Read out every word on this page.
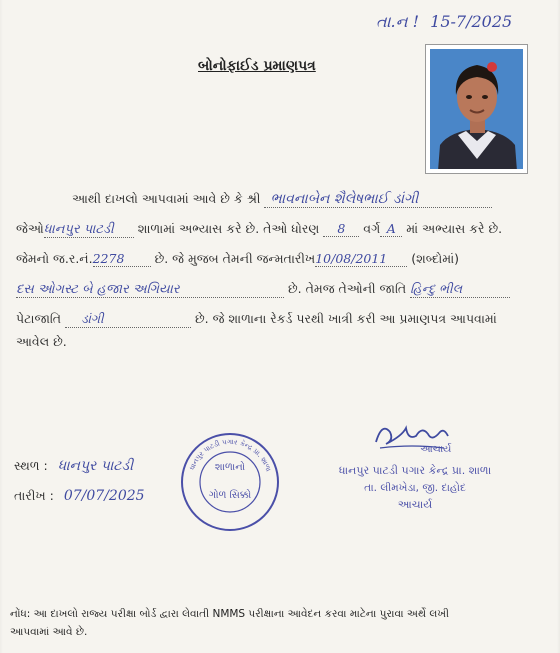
તા.ન ! 15-7/2025
બોનોફાઈડ પ્રમાણપત્ર
આથી દાખલો આપવામાં આવે છે કે શ્રી ભાવનાબેન શૈલેષભાઈ ડાંગી
જેઓધાનપુર પાટડી શાળામાં અભ્યાસ કરે છે. તેઓ ધોરણ 8 વર્ગ A માં અભ્યાસ કરે છે.
જેમનો જ.ર.નં.2278 છે. જે મુજબ તેમની જન્મતારીખ10/08/2011 (શબ્દોમાં)
દસ ઓગસ્ટ બે હજાર અગિયાર	છે. તેમજ તેઓની જાતિ હિન્દુ ભીલ
પેટાજાતિ ડાંગી	છે. જે શાળાના રેકર્ડ પરથી ખાત્રી કરી આ પ્રમાણપત્ર આપવામાં
આવેલ છે.
સ્થળ : ધાનપુર પાટડી
તારીખ : 07/07/2025
ધાનપુર પાટડી પગાર કેન્દ્ર પ્રા. શાળા
શાળાનો
ગોળ સિક્કો
આચાર્ય
ધાનપુર પાટડી પગાર કેન્દ્ર પ્રા. શાળા
તા. લીમખેડા, જી. દાહોદ
આચાર્ય
નોંધ: આ દાખલો રાજ્ય પરીક્ષા બોર્ડ દ્વારા લેવાતી NMMS પરીક્ષાના આવેદન કરવા માટેના પુરાવા અર્થે લખી
આપવામાં આવે છે.
